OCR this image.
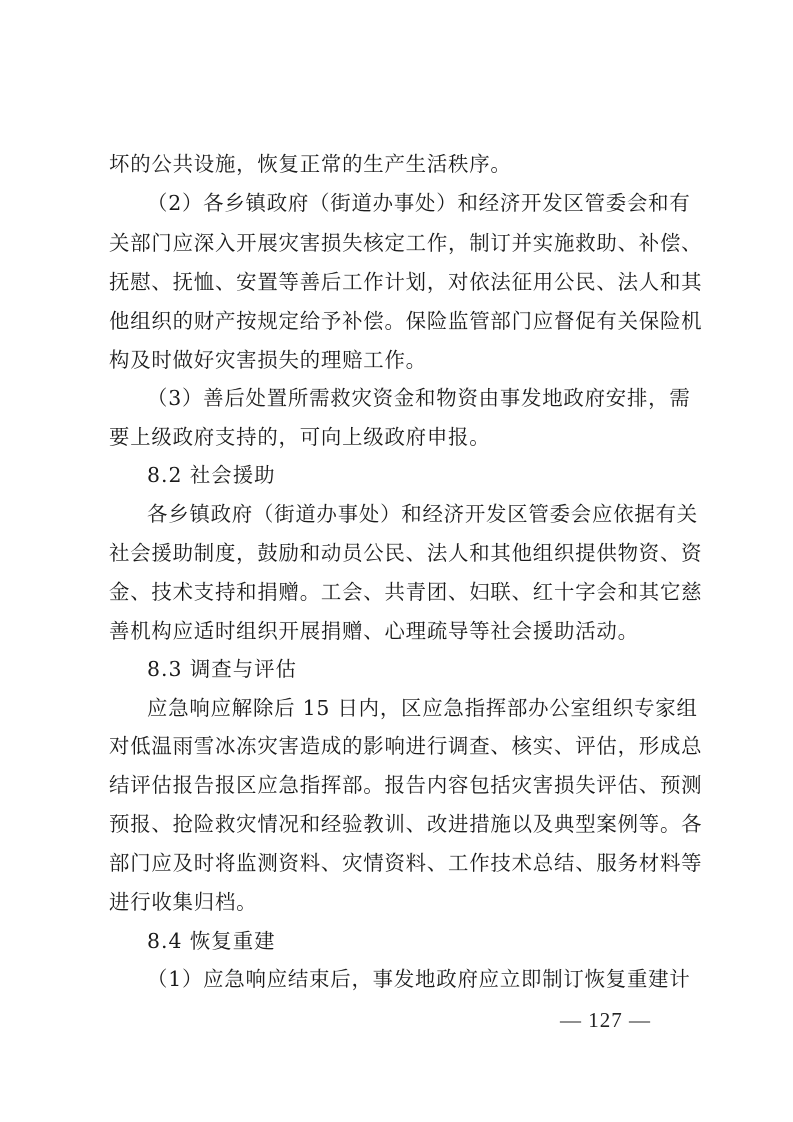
坏的公共设施，恢复正常的生产生活秩序。
（2）各乡镇政府（街道办事处）和经济开发区管委会和有
关部门应深入开展灾害损失核定工作，制订并实施救助、补偿、
抚慰、抚恤、安置等善后工作计划，对依法征用公民、法人和其
他组织的财产按规定给予补偿。保险监管部门应督促有关保险机
构及时做好灾害损失的理赔工作。
（3）善后处置所需救灾资金和物资由事发地政府安排，需
要上级政府支持的，可向上级政府申报。
8.2 社会援助
各乡镇政府（街道办事处）和经济开发区管委会应依据有关
社会援助制度，鼓励和动员公民、法人和其他组织提供物资、资
金、技术支持和捐赠。工会、共青团、妇联、红十字会和其它慈
善机构应适时组织开展捐赠、心理疏导等社会援助活动。
8.3 调查与评估
应急响应解除后 15 日内，区应急指挥部办公室组织专家组
对低温雨雪冰冻灾害造成的影响进行调查、核实、评估，形成总
结评估报告报区应急指挥部。报告内容包括灾害损失评估、预测
预报、抢险救灾情况和经验教训、改进措施以及典型案例等。各
部门应及时将监测资料、灾情资料、工作技术总结、服务材料等
进行收集归档。
8.4 恢复重建
（1）应急响应结束后，事发地政府应立即制订恢复重建计
— 127 —
